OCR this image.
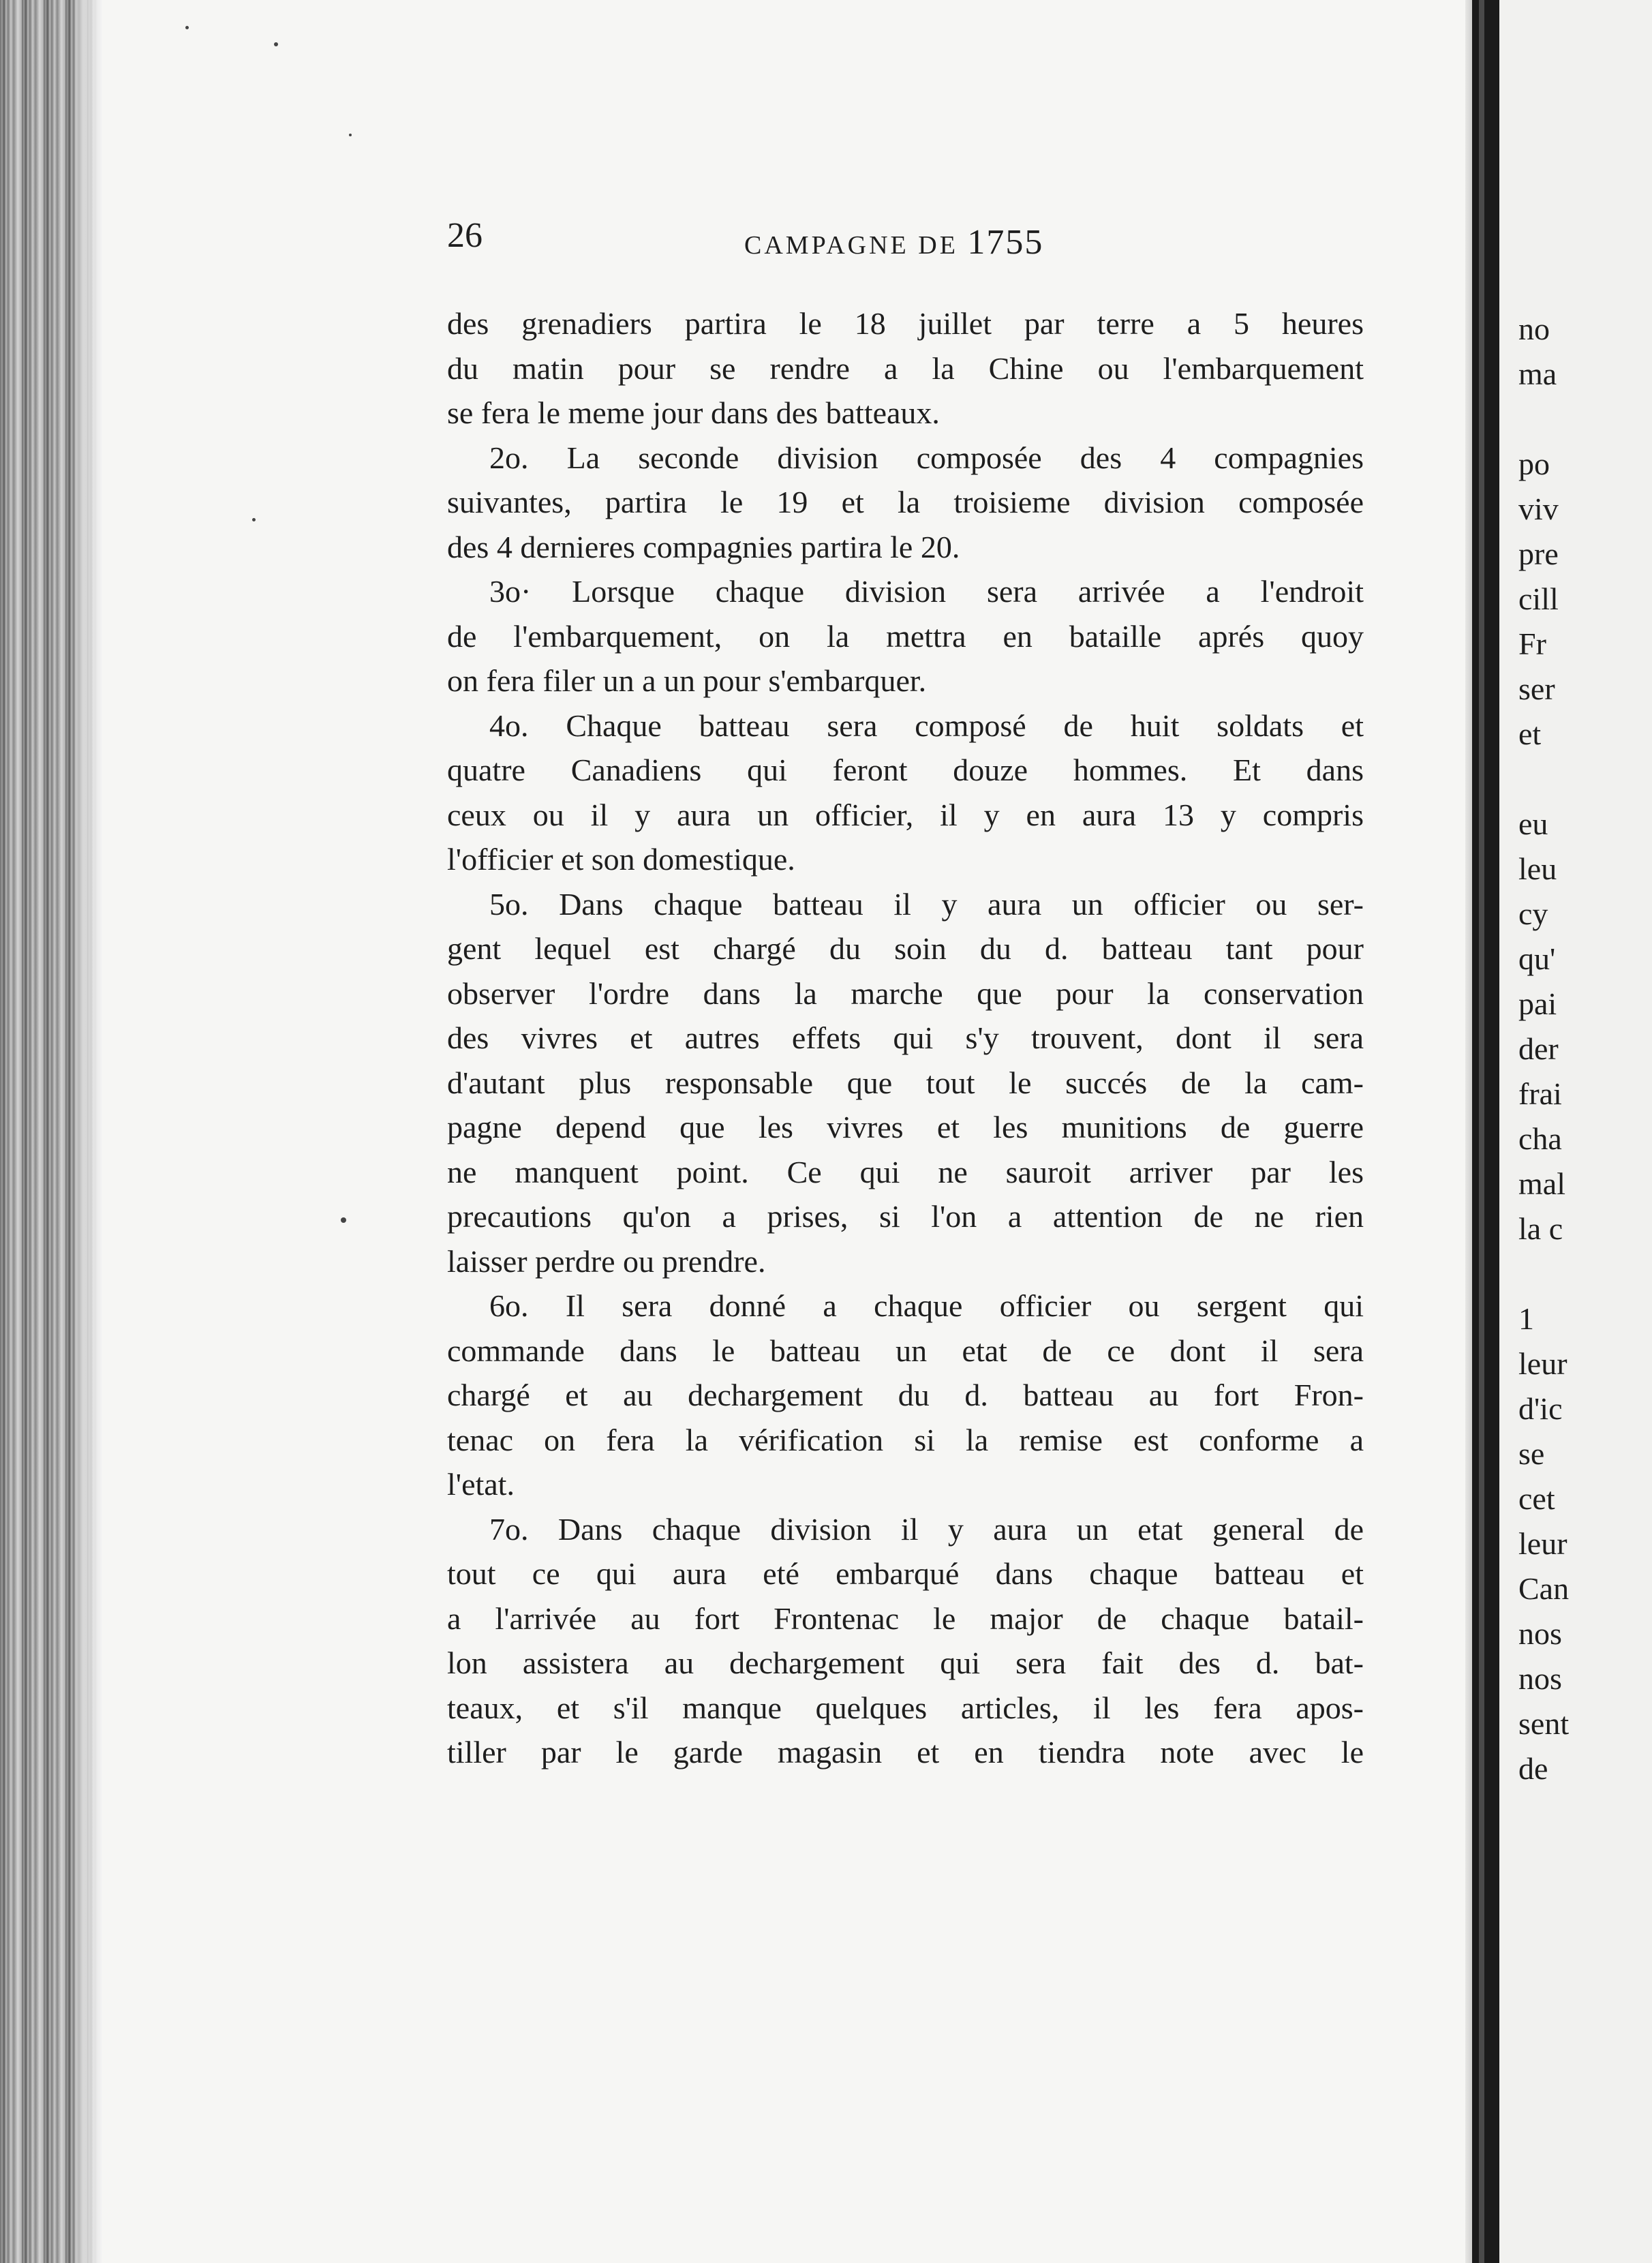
no
ma
po
viv
pre
cill
Fr
ser
et
eu
leu
cy
qu'
pai
der
frai
cha
mal
la c
1
leur
d'ic
se
cet
leur
Can
nos
nos
sent
de
26	CAMPAGNE DE 1755
des grenadiers partira le 18 juillet par terre a 5 heures
du matin pour se rendre a la Chine ou l'embarquement
se fera le meme jour dans des batteaux.
2o. La seconde division composée des 4 compagnies
suivantes, partira le 19 et la troisieme division composée
des 4 dernieres compagnies partira le 20.
3o· Lorsque chaque division sera arrivée a l'endroit
de l'embarquement, on la mettra en bataille aprés quoy
on fera filer un a un pour s'embarquer.
4o. Chaque batteau sera composé de huit soldats et
quatre Canadiens qui feront douze hommes. Et dans
ceux ou il y aura un officier, il y en aura 13 y compris
l'officier et son domestique.
5o. Dans chaque batteau il y aura un officier ou ser-
gent lequel est chargé du soin du d. batteau tant pour
observer l'ordre dans la marche que pour la conservation
des vivres et autres effets qui s'y trouvent, dont il sera
d'autant plus responsable que tout le succés de la cam-
pagne depend que les vivres et les munitions de guerre
ne manquent point. Ce qui ne sauroit arriver par les
precautions qu'on a prises, si l'on a attention de ne rien
laisser perdre ou prendre.
6o. Il sera donné a chaque officier ou sergent qui
commande dans le batteau un etat de ce dont il sera
chargé et au dechargement du d. batteau au fort Fron-
tenac on fera la vérification si la remise est conforme a
l'etat.
7o. Dans chaque division il y aura un etat general de
tout ce qui aura eté embarqué dans chaque batteau et
a l'arrivée au fort Frontenac le major de chaque batail-
lon assistera au dechargement qui sera fait des d. bat-
teaux, et s'il manque quelques articles, il les fera apos-
tiller par le garde magasin et en tiendra note avec le
